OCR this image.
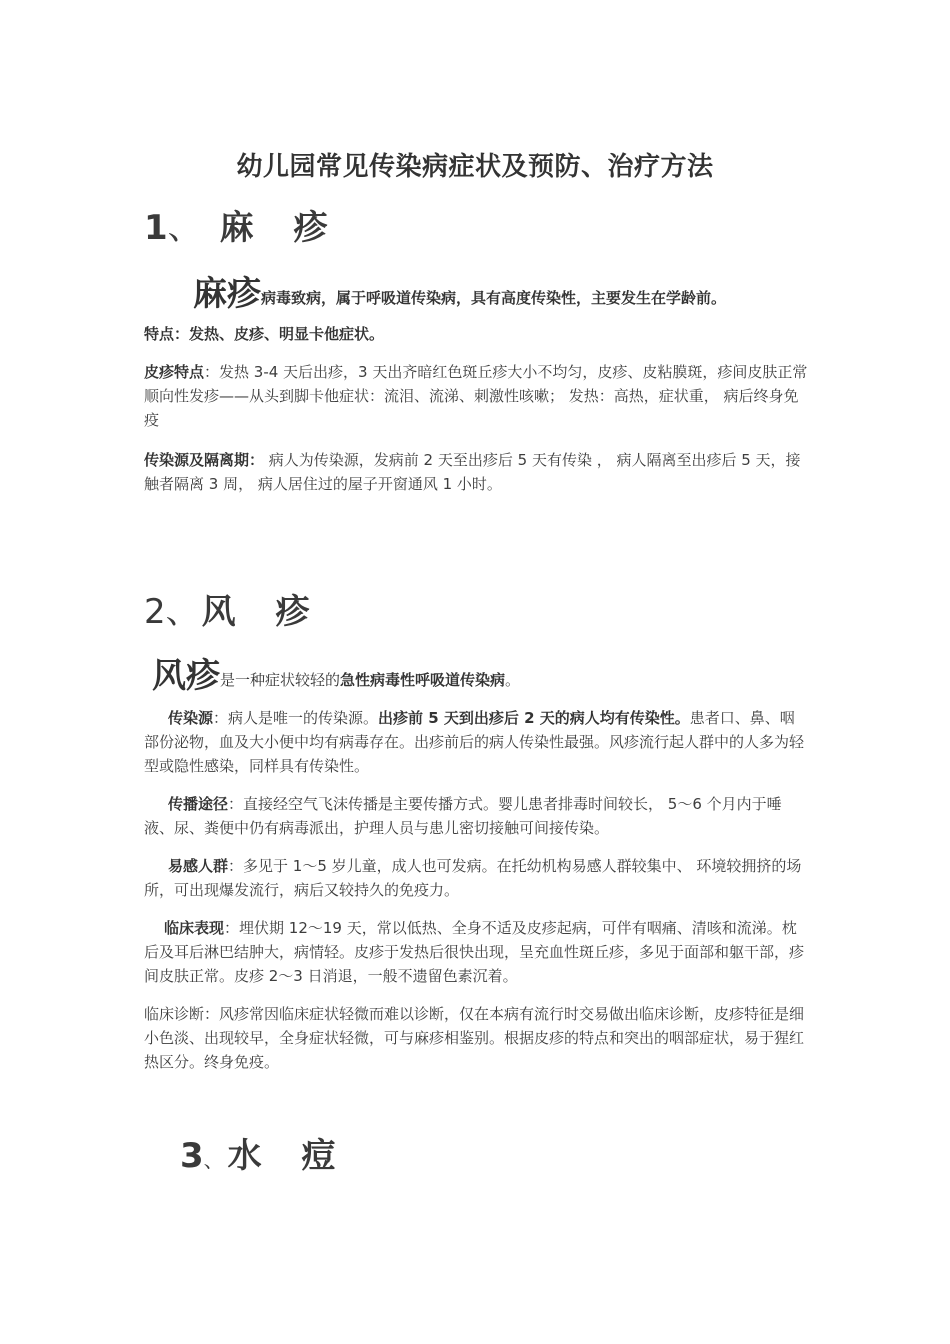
幼儿园常见传染病症状及预防、治疗方法
1、 麻 疹
麻疹病毒致病，属于呼吸道传染病，具有高度传染性，主要发生在学龄前。
特点：发热、皮疹、明显卡他症状。
皮疹特点：发热 3-4 天后出疹，3 天出齐暗红色斑丘疹大小不均匀，皮疹、皮粘膜斑，疹间皮肤正常顺向性发疹——从头到脚卡他症状：流泪、流涕、刺激性咳嗽； 发热：高热，症状重， 病后终身免疫
传染源及隔离期： 病人为传染源，发病前 2 天至出疹后 5 天有传染 ， 病人隔离至出疹后 5 天，接触者隔离 3 周， 病人居住过的屋子开窗通风 1 小时。
2、风 疹
风疹是一种症状较轻的急性病毒性呼吸道传染病。
传染源：病人是唯一的传染源。出疹前 5 天到出疹后 2 天的病人均有传染性。患者口、鼻、咽部份泌物，血及大小便中均有病毒存在。出疹前后的病人传染性最强。风疹流行起人群中的人多为轻型或隐性感染，同样具有传染性。
传播途径：直接经空气飞沫传播是主要传播方式。婴儿患者排毒时间较长， 5～6 个月内于唾液、尿、粪便中仍有病毒派出，护理人员与患儿密切接触可间接传染。
易感人群：多见于 1～5 岁儿童，成人也可发病。在托幼机构易感人群较集中、 环境较拥挤的场所，可出现爆发流行，病后又较持久的免疫力。
临床表现：埋伏期 12～19 天，常以低热、全身不适及皮疹起病，可伴有咽痛、清咳和流涕。枕后及耳后淋巴结肿大，病情轻。皮疹于发热后很快出现，呈充血性斑丘疹，多见于面部和躯干部，疹间皮肤正常。皮疹 2～3 日消退，一般不遗留色素沉着。
临床诊断：风疹常因临床症状轻微而难以诊断，仅在本病有流行时交易做出临床诊断，皮疹特征是细小色淡、出现较早，全身症状轻微，可与麻疹相鉴别。根据皮疹的特点和突出的咽部症状，易于猩红热区分。终身免疫。
3、 水 痘
